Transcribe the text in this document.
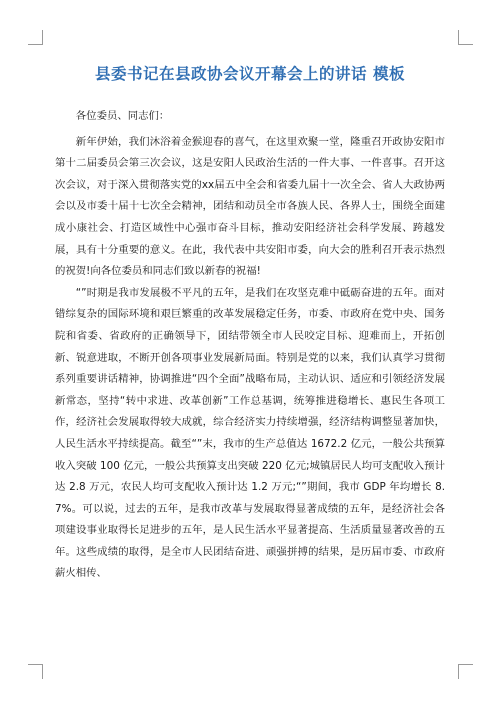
县委书记在县政协会议开幕会上的讲话 模板

各位委员、同志们：

新年伊始，我们沐浴着金猴迎春的喜气，在这里欢聚一堂，隆重召开政协安阳市第十二届委员会第三次会议，这是安阳人民政治生活的一件大事、一件喜事。召开这次会议，对于深入贯彻落实党的xx届五中全会和省委九届十一次全会、省人大政协两会以及市委十届十七次全会精神，团结和动员全市各族人民、各界人士，围绕全面建成小康社会、打造区域性中心强市奋斗目标，推动安阳经济社会科学发展、跨越发展，具有十分重要的意义。在此，我代表中共安阳市委，向大会的胜利召开表示热烈的祝贺!向各位委员和同志们致以新春的祝福!

“”时期是我市发展极不平凡的五年，是我们在攻坚克难中砥砺奋进的五年。面对错综复杂的国际环境和艰巨繁重的改革发展稳定任务，市委、市政府在党中央、国务院和省委、省政府的正确领导下，团结带领全市人民咬定目标、迎难而上，开拓创新、锐意进取，不断开创各项事业发展新局面。特别是党的以来，我们认真学习贯彻系列重要讲话精神，协调推进“四个全面”战略布局，主动认识、适应和引领经济发展新常态，坚持“转中求进、改革创新”工作总基调，统筹推进稳增长、惠民生各项工作，经济社会发展取得较大成就，综合经济实力持续增强，经济结构调整显著加快，人民生活水平持续提高。截至“”末，我市的生产总值达 1672.2 亿元，一般公共预算收入突破 100 亿元，一般公共预算支出突破 220 亿元;城镇居民人均可支配收入预计达 2.8 万元，农民人均可支配收入预计达 1.2 万元;“”期间，我市 GDP 年均增长 8.7%。可以说，过去的五年，是我市改革与发展取得显著成绩的五年，是经济社会各项建设事业取得长足进步的五年，是人民生活水平显著提高、生活质量显著改善的五年。这些成绩的取得，是全市人民团结奋进、顽强拼搏的结果，是历届市委、市政府薪火相传、
